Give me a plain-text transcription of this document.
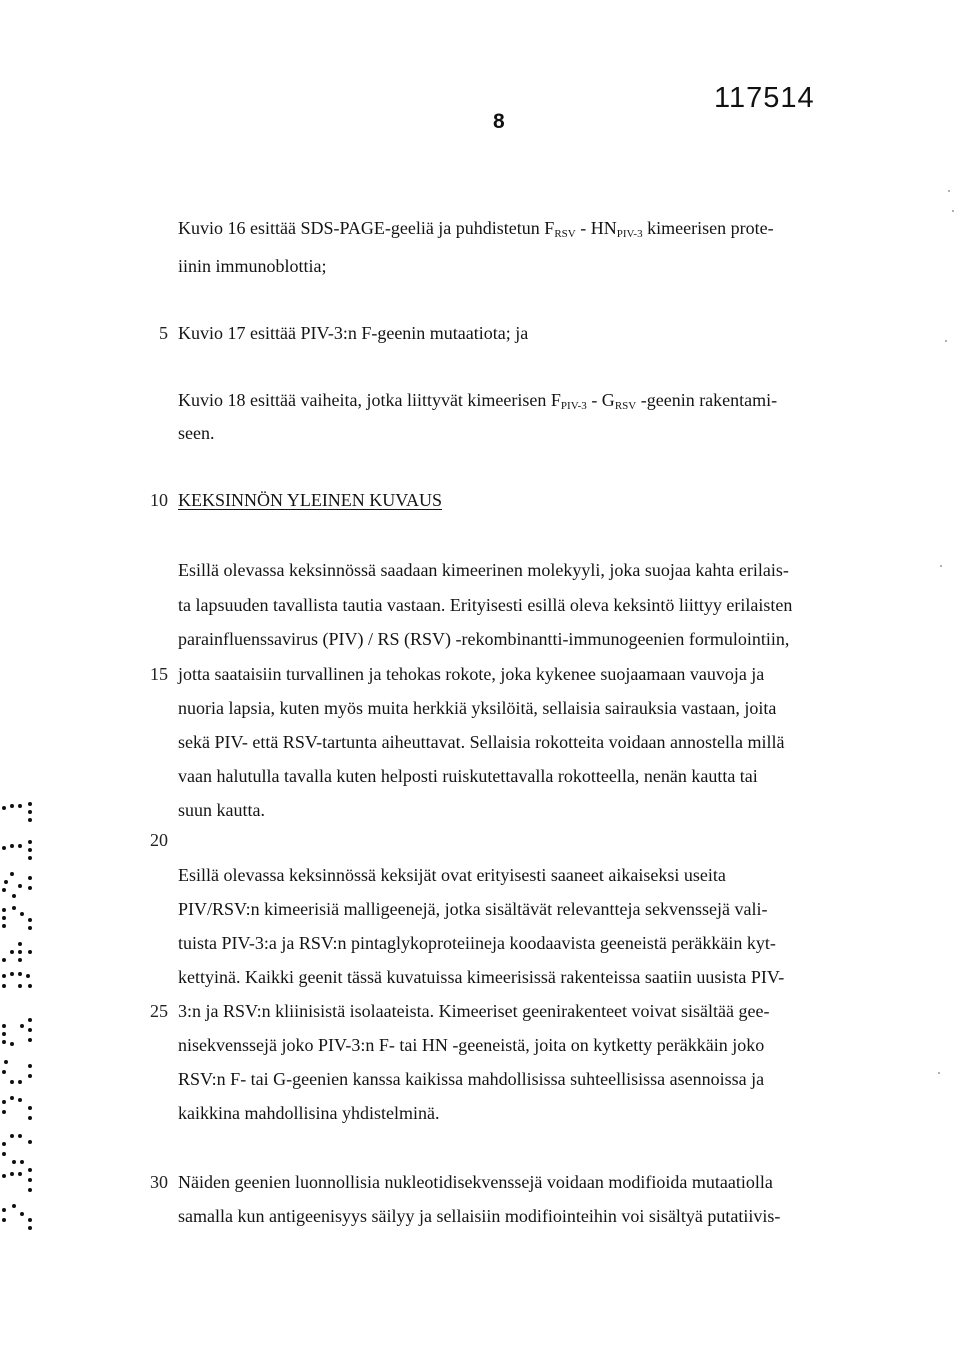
117514
8
Kuvio 16 esittää SDS-PAGE-geeliä ja puhdistetun $F_{RSV} - HN_{PIV-3}$ kimeerisen prote-
iinin immunoblottia;
5 Kuvio 17 esittää PIV-3:n F-geenin mutaatiota; ja
Kuvio 18 esittää vaiheita, jotka liittyvät kimeerisen $F_{PIV-3} - G_{RSV}$ -geenin rakentami-
seen.
10 KEKSINNÖN YLEINEN KUVAUS
Esillä olevassa keksinnössä saadaan kimeerinen molekyyli, joka suojaa kahta erilais-
ta lapsuuden tavallista tautia vastaan. Erityisesti esillä oleva keksintö liittyy erilaisten
parainfluenssavirus (PIV) / RS (RSV) -rekombinantti-immunogeenien formulointiin,
15 jotta saataisiin turvallinen ja tehokas rokote, joka kykenee suojaamaan vauvoja ja
nuoria lapsia, kuten myös muita herkkiä yksilöitä, sellaisia sairauksia vastaan, joita
sekä PIV- että RSV-tartunta aiheuttavat. Sellaisia rokotteita voidaan annostella millä
vaan halutulla tavalla kuten helposti ruiskutettavalla rokotteella, nenän kautta tai
suun kautta.
20
Esillä olevassa keksinnössä keksijät ovat erityisesti saaneet aikaiseksi useita
PIV/RSV:n kimeerisiä malligeenejä, jotka sisältävät relevantteja sekvenssejä vali-
tuista PIV-3:a ja RSV:n pintaglykoproteiineja koodaavista geeneistä peräkkäin kyt-
kettyinä. Kaikki geenit tässä kuvatuissa kimeerisissä rakenteissa saatiin uusista PIV-
25 3:n ja RSV:n kliinisistä isolaateista. Kimeeriset geenirakenteet voivat sisältää gee-
nisekvenssejä joko PIV-3:n F- tai HN -geeneistä, joita on kytketty peräkkäin joko
RSV:n F- tai G-geenien kanssa kaikissa mahdollisissa suhteellisissa asennoissa ja
kaikkina mahdollisina yhdistelminä.
30 Näiden geenien luonnollisia nukleotidisekvenssejä voidaan modifioida mutaatiolla
samalla kun antigeenisyys säilyy ja sellaisiin modifiointeihin voi sisältyä putatiivis-
